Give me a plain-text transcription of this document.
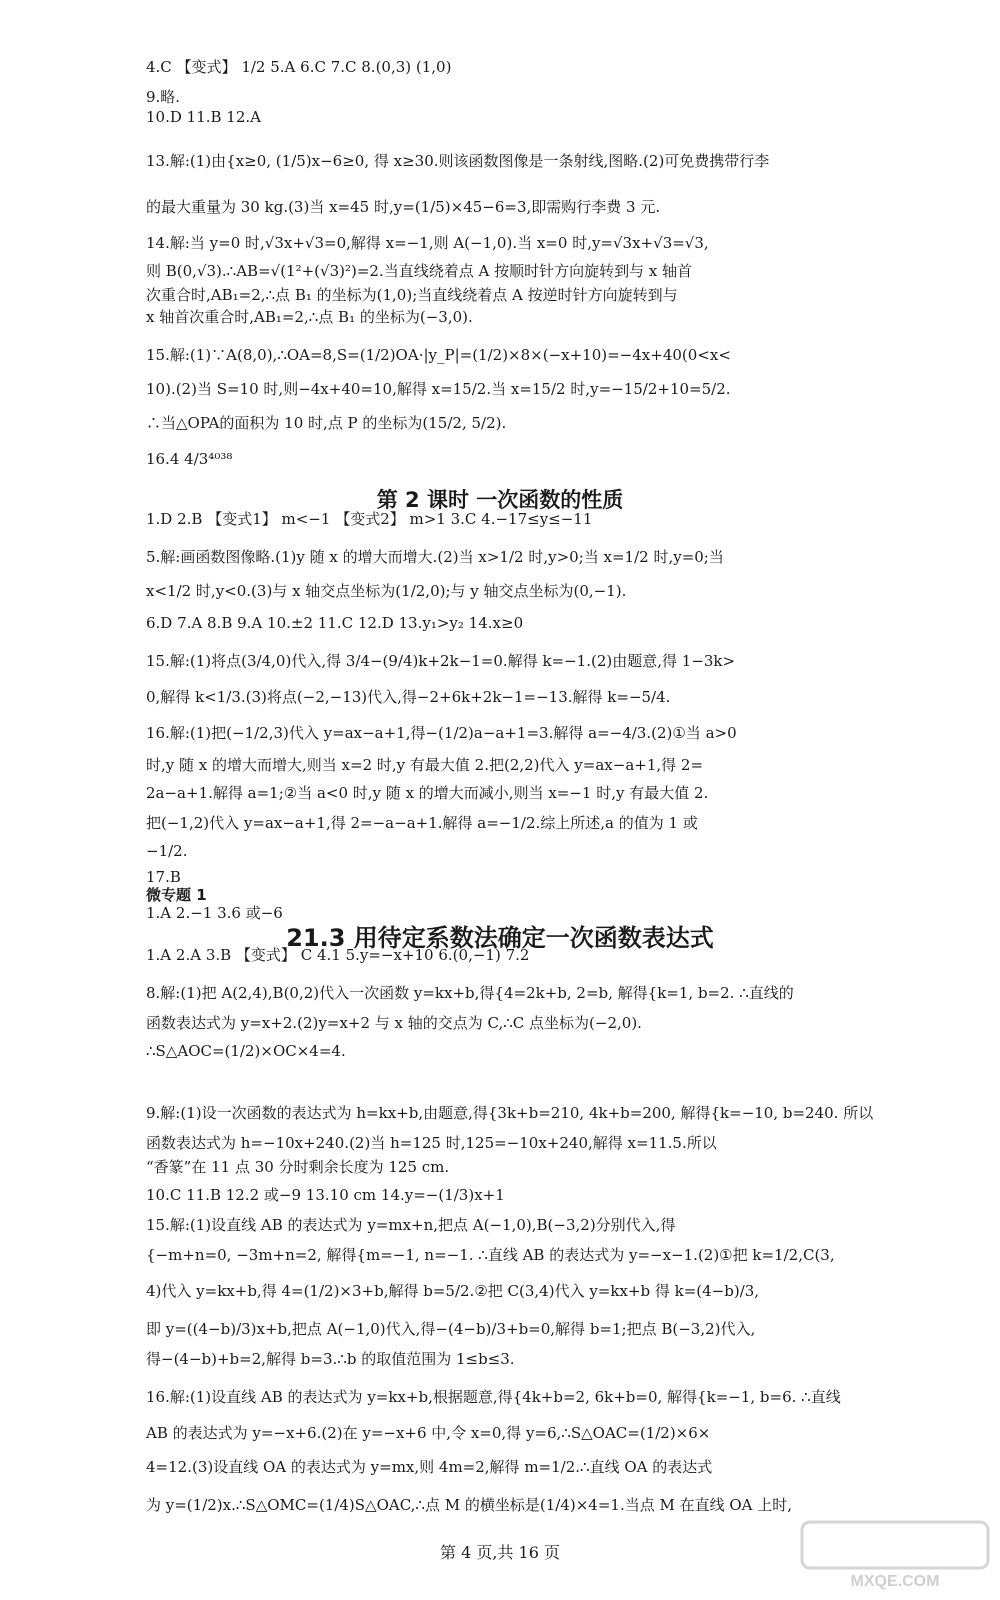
4.C 【变式】 1/2 5.A 6.C 7.C 8.(0,3) (1,0)
9.略.
10.D 11.B 12.A
13.解:(1)由{x≥0, (1/5)x−6≥0, 得 x≥30.则该函数图像是一条射线,图略.(2)可免费携带行李
的最大重量为 30 kg.(3)当 x=45 时,y=(1/5)×45−6=3,即需购行李费 3 元.
14.解:当 y=0 时,√3x+√3=0,解得 x=−1,则 A(−1,0).当 x=0 时,y=√3x+√3=√3,
则 B(0,√3).∴AB=√(1²+(√3)²)=2.当直线绕着点 A 按顺时针方向旋转到与 x 轴首
次重合时,AB₁=2,∴点 B₁ 的坐标为(1,0);当直线绕着点 A 按逆时针方向旋转到与
x 轴首次重合时,AB₁=2,∴点 B₁ 的坐标为(−3,0).
15.解:(1)∵A(8,0),∴OA=8,S=(1/2)OA·|y_P|=(1/2)×8×(−x+10)=−4x+40(0<x<
10).(2)当 S=10 时,则−4x+40=10,解得 x=15/2.当 x=15/2 时,y=−15/2+10=5/2.
∴当△OPA的面积为 10 时,点 P 的坐标为(15/2, 5/2).
16.4 4/3⁴⁰³⁸
第 2 课时 一次函数的性质
1.D 2.B 【变式1】 m<−1 【变式2】 m>1 3.C 4.−17≤y≤−11
5.解:画函数图像略.(1)y 随 x 的增大而增大.(2)当 x>1/2 时,y>0;当 x=1/2 时,y=0;当
x<1/2 时,y<0.(3)与 x 轴交点坐标为(1/2,0);与 y 轴交点坐标为(0,−1).
6.D 7.A 8.B 9.A 10.±2 11.C 12.D 13.y₁>y₂ 14.x≥0
15.解:(1)将点(3/4,0)代入,得 3/4−(9/4)k+2k−1=0.解得 k=−1.(2)由题意,得 1−3k>
0,解得 k<1/3.(3)将点(−2,−13)代入,得−2+6k+2k−1=−13.解得 k=−5/4.
16.解:(1)把(−1/2,3)代入 y=ax−a+1,得−(1/2)a−a+1=3.解得 a=−4/3.(2)①当 a>0
时,y 随 x 的增大而增大,则当 x=2 时,y 有最大值 2.把(2,2)代入 y=ax−a+1,得 2=
2a−a+1.解得 a=1;②当 a<0 时,y 随 x 的增大而减小,则当 x=−1 时,y 有最大值 2.
把(−1,2)代入 y=ax−a+1,得 2=−a−a+1.解得 a=−1/2.综上所述,a 的值为 1 或
−1/2.
17.B
微专题 1
1.A 2.−1 3.6 或−6
21.3 用待定系数法确定一次函数表达式
1.A 2.A 3.B 【变式】 C 4.1 5.y=−x+10 6.(0,−1) 7.2
8.解:(1)把 A(2,4),B(0,2)代入一次函数 y=kx+b,得{4=2k+b, 2=b, 解得{k=1, b=2. ∴直线的
函数表达式为 y=x+2.(2)y=x+2 与 x 轴的交点为 C,∴C 点坐标为(−2,0).
∴S△AOC=(1/2)×OC×4=4.
9.解:(1)设一次函数的表达式为 h=kx+b,由题意,得{3k+b=210, 4k+b=200, 解得{k=−10, b=240. 所以
函数表达式为 h=−10x+240.(2)当 h=125 时,125=−10x+240,解得 x=11.5.所以
“香篆”在 11 点 30 分时剩余长度为 125 cm.
10.C 11.B 12.2 或−9 13.10 cm 14.y=−(1/3)x+1
15.解:(1)设直线 AB 的表达式为 y=mx+n,把点 A(−1,0),B(−3,2)分别代入,得
{−m+n=0, −3m+n=2, 解得{m=−1, n=−1. ∴直线 AB 的表达式为 y=−x−1.(2)①把 k=1/2,C(3,
4)代入 y=kx+b,得 4=(1/2)×3+b,解得 b=5/2.②把 C(3,4)代入 y=kx+b 得 k=(4−b)/3,
即 y=((4−b)/3)x+b,把点 A(−1,0)代入,得−(4−b)/3+b=0,解得 b=1;把点 B(−3,2)代入,
得−(4−b)+b=2,解得 b=3.∴b 的取值范围为 1≤b≤3.
16.解:(1)设直线 AB 的表达式为 y=kx+b,根据题意,得{4k+b=2, 6k+b=0, 解得{k=−1, b=6. ∴直线
AB 的表达式为 y=−x+6.(2)在 y=−x+6 中,令 x=0,得 y=6,∴S△OAC=(1/2)×6×
4=12.(3)设直线 OA 的表达式为 y=mx,则 4m=2,解得 m=1/2.∴直线 OA 的表达式
为 y=(1/2)x.∴S△OMC=(1/4)S△OAC,∴点 M 的横坐标是(1/4)×4=1.当点 M 在直线 OA 上时,
第 4 页,共 16 页
MXQE.COM
